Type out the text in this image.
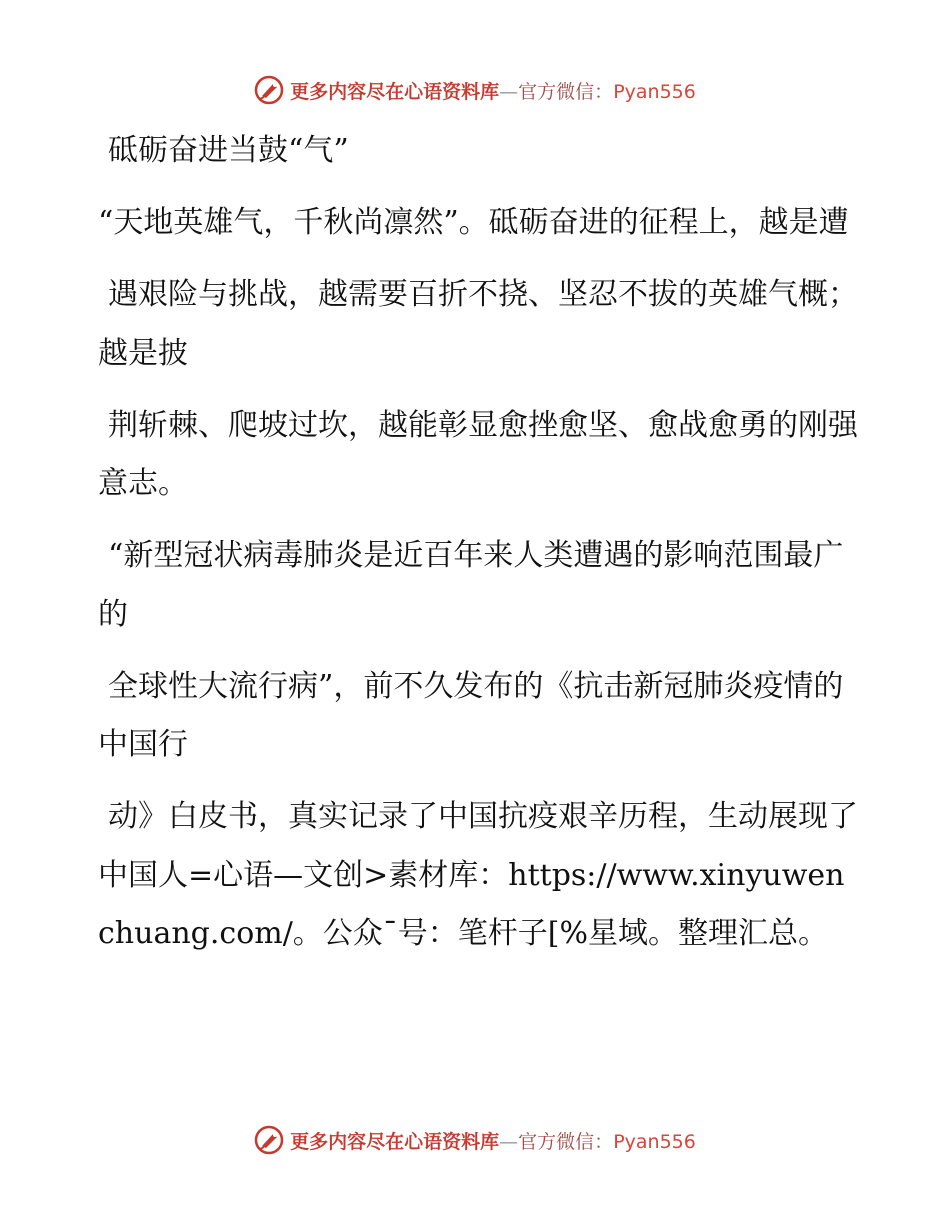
更多内容尽在心语资料库—官方微信：Pyan556

砥砺奋进当鼓“气”

“天地英雄气，千秋尚凛然”。砥砺奋进的征程上，越是遭

遇艰险与挑战，越需要百折不挠、坚忍不拔的英雄气概；越是披

荆斩棘、爬坡过坎，越能彰显愈挫愈坚、愈战愈勇的刚强意志。

“新型冠状病毒肺炎是近百年来人类遭遇的影响范围最广的

全球性大流行病”，前不久发布的《抗击新冠肺炎疫情的中国行

动》白皮书，真实记录了中国抗疫艰辛历程，生动展现了中国人=心语—文创>素材库：https://www.xinyuwenchuang.com/。公众¯号：笔杆子[%星域。整理汇总。

更多内容尽在心语资料库—官方微信：Pyan556
